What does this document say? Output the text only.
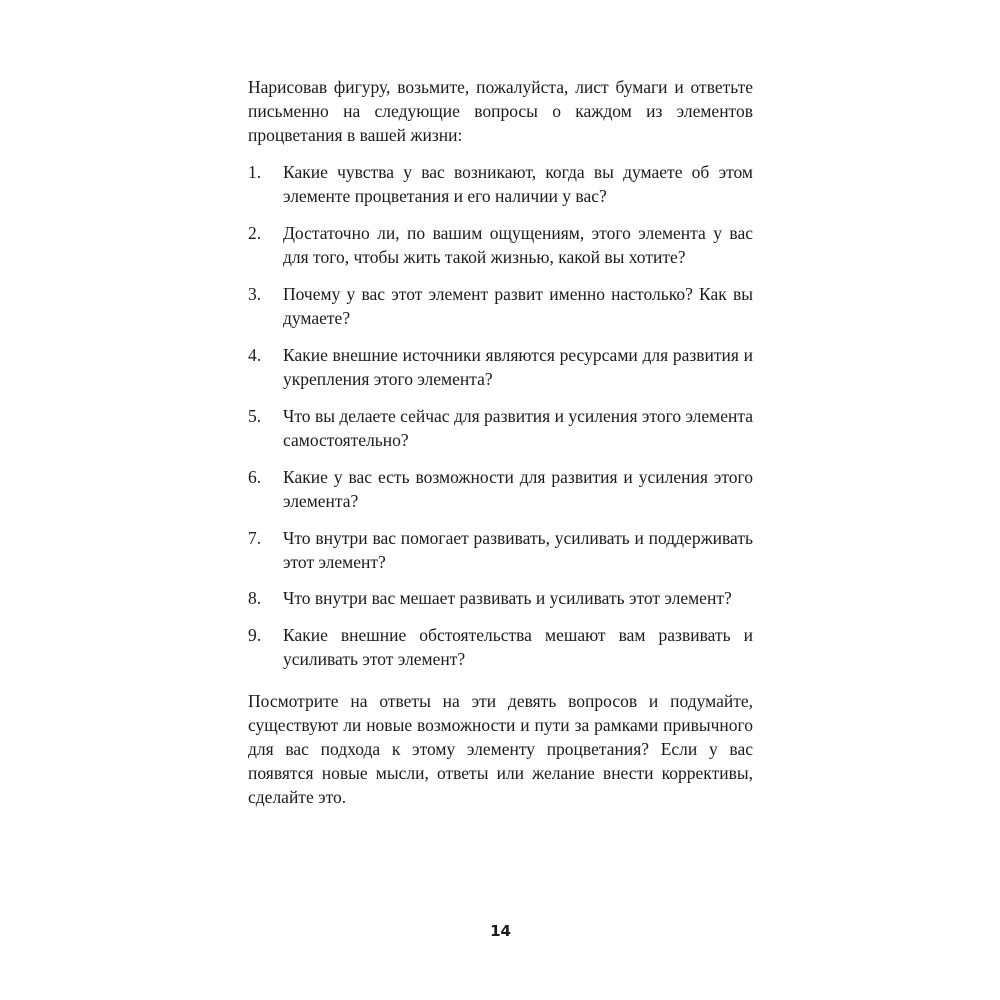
Нарисовав фигуру, возьмите, пожалуйста, лист бумаги и ответьте письменно на следующие вопросы о каждом из элементов процветания в вашей жизни:

1.	Какие чувства у вас возникают, когда вы думаете об этом элементе процветания и его наличии у вас?
2.	Достаточно ли, по вашим ощущениям, этого элемента у вас для того, чтобы жить такой жизнью, какой вы хотите?
3.	Почему у вас этот элемент развит именно настолько? Как вы думаете?
4.	Какие внешние источники являются ресурсами для развития и укрепления этого элемента?
5.	Что вы делаете сейчас для развития и усиления этого элемента самостоятельно?
6.	Какие у вас есть возможности для развития и усиления этого элемента?
7.	Что внутри вас помогает развивать, усиливать и поддерживать этот элемент?
8.	Что внутри вас мешает развивать и усиливать этот элемент?
9.	Какие внешние обстоятельства мешают вам развивать и усиливать этот элемент?

Посмотрите на ответы на эти девять вопросов и подумайте, существуют ли новые возможности и пути за рамками привычного для вас подхода к этому элементу процветания? Если у вас появятся новые мысли, ответы или желание внести коррективы, сделайте это.

14
